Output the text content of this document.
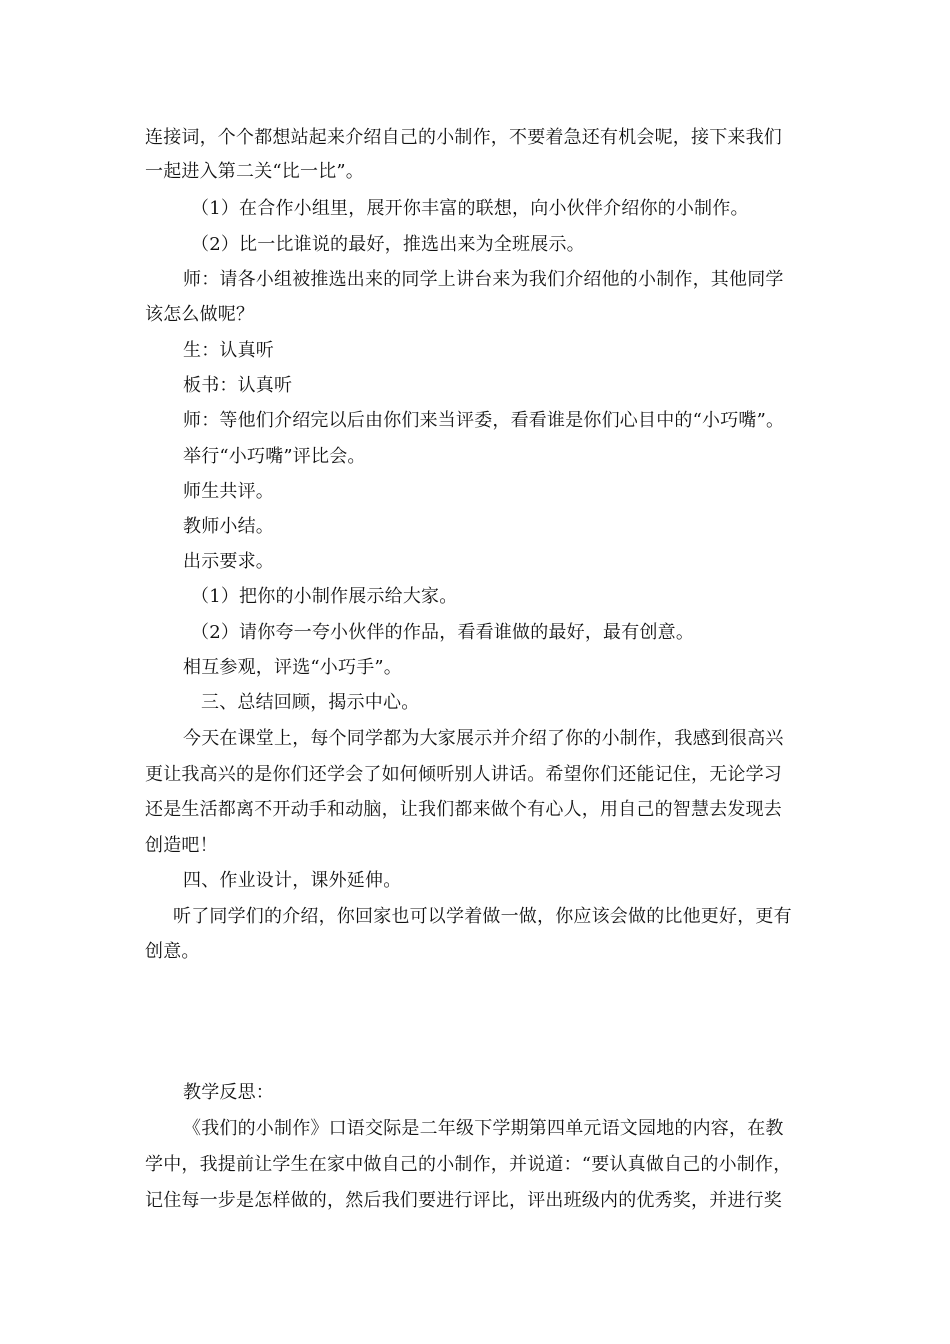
连接词，个个都想站起来介绍自己的小制作，不要着急还有机会呢，接下来我们
一起进入第二关“比一比”。
（1）在合作小组里，展开你丰富的联想，向小伙伴介绍你的小制作。
（2）比一比谁说的最好，推选出来为全班展示。
师：请各小组被推选出来的同学上讲台来为我们介绍他的小制作，其他同学
该怎么做呢？
生：认真听
板书：认真听
师：等他们介绍完以后由你们来当评委，看看谁是你们心目中的“小巧嘴”。
举行“小巧嘴”评比会。
师生共评。
教师小结。
出示要求。
（1）把你的小制作展示给大家。
（2）请你夸一夸小伙伴的作品，看看谁做的最好，最有创意。
相互参观，评选“小巧手”。
三、总结回顾，揭示中心。
今天在课堂上，每个同学都为大家展示并介绍了你的小制作，我感到很高兴
更让我高兴的是你们还学会了如何倾听别人讲话。希望你们还能记住，无论学习
还是生活都离不开动手和动脑，让我们都来做个有心人，用自己的智慧去发现去
创造吧！
四、作业设计，课外延伸。
听了同学们的介绍，你回家也可以学着做一做，你应该会做的比他更好，更有
创意。
教学反思：
《我们的小制作》口语交际是二年级下学期第四单元语文园地的内容，在教
学中，我提前让学生在家中做自己的小制作，并说道：“要认真做自己的小制作，
记住每一步是怎样做的，然后我们要进行评比，评出班级内的优秀奖，并进行奖
